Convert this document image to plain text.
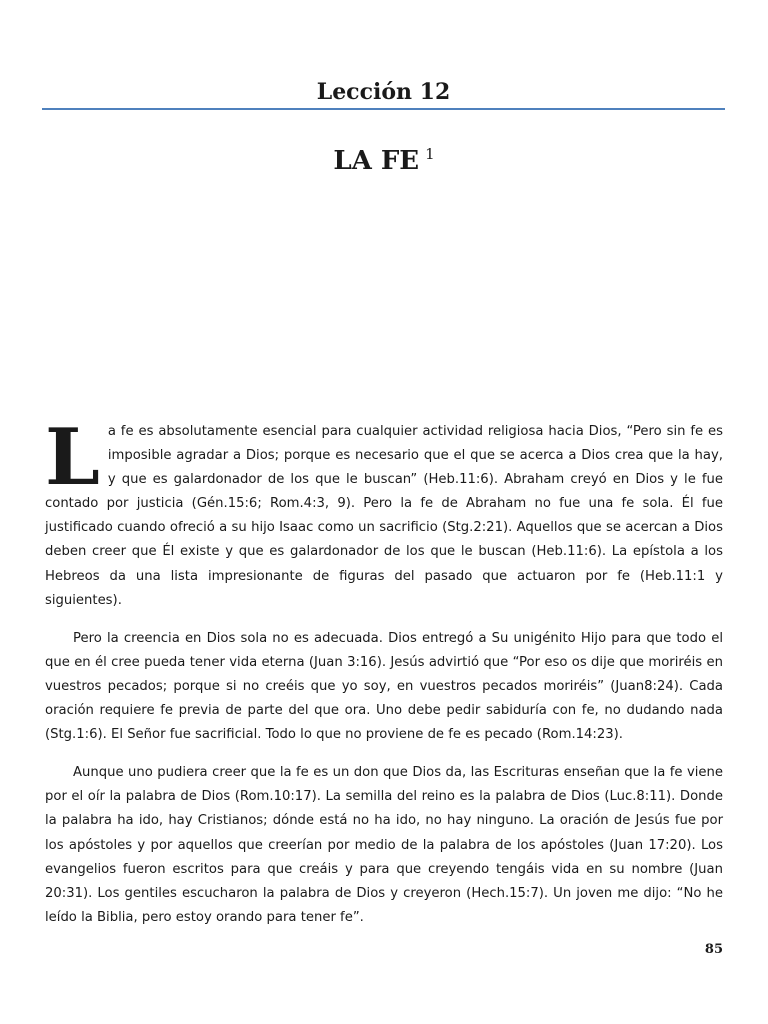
Lección 12
LA FE $^1$

La fe es absolutamente esencial para cualquier actividad religiosa hacia Dios, “Pero sin fe es imposible agradar a Dios; porque es necesario que el que se acerca a Dios crea que la hay, y que es galardonador de los que le buscan” (Heb.11:6). Abraham creyó en Dios y le fue contado por justicia (Gén.15:6; Rom.4:3, 9). Pero la fe de Abraham no fue una fe sola. Él fue justificado cuando ofreció a su hijo Isaac como un sacrificio (Stg.2:21). Aquellos que se acercan a Dios deben creer que Él existe y que es galardonador de los que le buscan (Heb.11:6). La epístola a los Hebreos da una lista impresionante de figuras del pasado que actuaron por fe (Heb.11:1 y siguientes).

Pero la creencia en Dios sola no es adecuada. Dios entregó a Su unigénito Hijo para que todo el que en él cree pueda tener vida eterna (Juan 3:16). Jesús advirtió que “Por eso os dije que moriréis en vuestros pecados; porque si no creéis que yo soy, en vuestros pecados moriréis” (Juan8:24). Cada oración requiere fe previa de parte del que ora. Uno debe pedir sabiduría con fe, no dudando nada (Stg.1:6). El Señor fue sacrificial. Todo lo que no proviene de fe es pecado (Rom.14:23).

Aunque uno pudiera creer que la fe es un don que Dios da, las Escrituras enseñan que la fe viene por el oír la palabra de Dios (Rom.10:17). La semilla del reino es la palabra de Dios (Luc.8:11). Donde la palabra ha ido, hay Cristianos; dónde está no ha ido, no hay ninguno. La oración de Jesús fue por los apóstoles y por aquellos que creerían por medio de la palabra de los apóstoles (Juan 17:20). Los evangelios fueron escritos para que creáis y para que creyendo tengáis vida en su nombre (Juan 20:31). Los gentiles escucharon la palabra de Dios y creyeron (Hech.15:7). Un joven me dijo: “No he leído la Biblia, pero estoy orando para tener fe”.

85
